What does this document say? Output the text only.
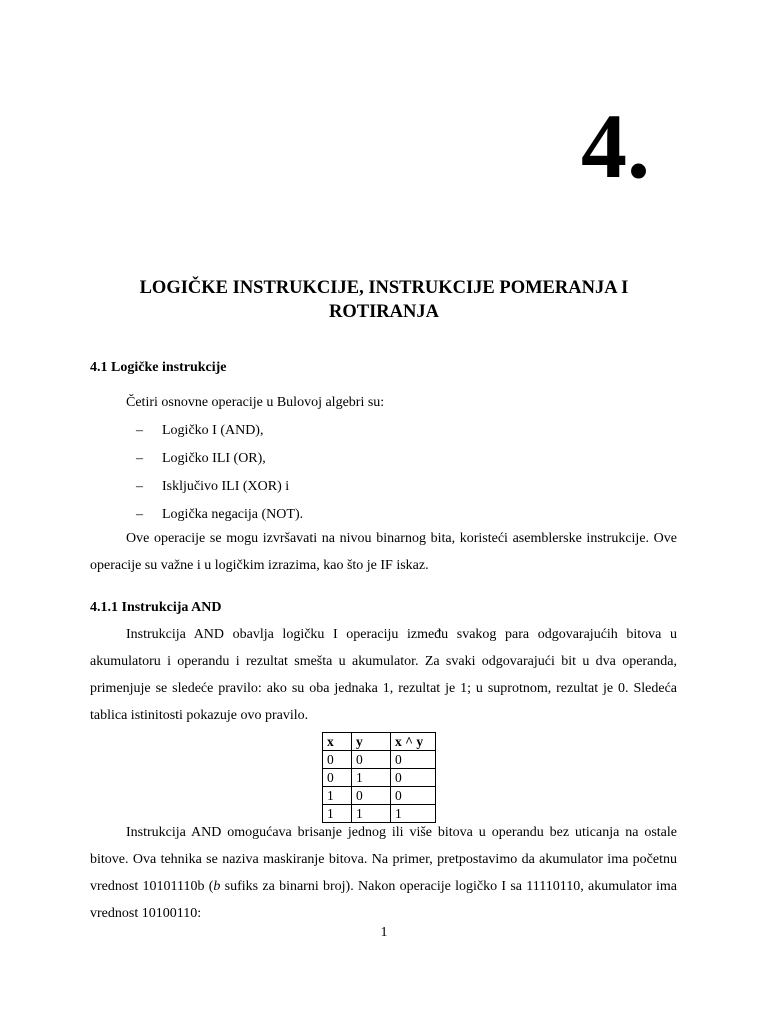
4.
LOGIČKE INSTRUKCIJE, INSTRUKCIJE POMERANJA I
ROTIRANJA
4.1 Logičke instrukcije
Četiri osnovne operacije u Bulovoj algebri su:
– Logičko I (AND),
– Logičko ILI (OR),
– Isključivo ILI (XOR) i
– Logička negacija (NOT).
Ove operacije se mogu izvršavati na nivou binarnog bita, koristeći asemblerske instrukcije. Ove operacije su važne i u logičkim izrazima, kao što je IF iskaz.
4.1.1 Instrukcija AND
Instrukcija AND obavlja logičku I operaciju između svakog para odgovarajućih bitova u akumulatoru i operandu i rezultat smešta u akumulator. Za svaki odgovarajući bit u dva operanda, primenjuje se sledeće pravilo: ako su oba jednaka 1, rezultat je 1; u suprotnom, rezultat je 0. Sledeća tablica istinitosti pokazuje ovo pravilo.
x	y	x ^ y
0	0	0
0	1	0
1	0	0
1	1	1
Instrukcija AND omogućava brisanje jednog ili više bitova u operandu bez uticanja na ostale bitove. Ova tehnika se naziva maskiranje bitova. Na primer, pretpostavimo da akumulator ima početnu vrednost 10101110b (b sufiks za binarni broj). Nakon operacije logičko I sa 11110110, akumulator ima vrednost 10100110:
1
